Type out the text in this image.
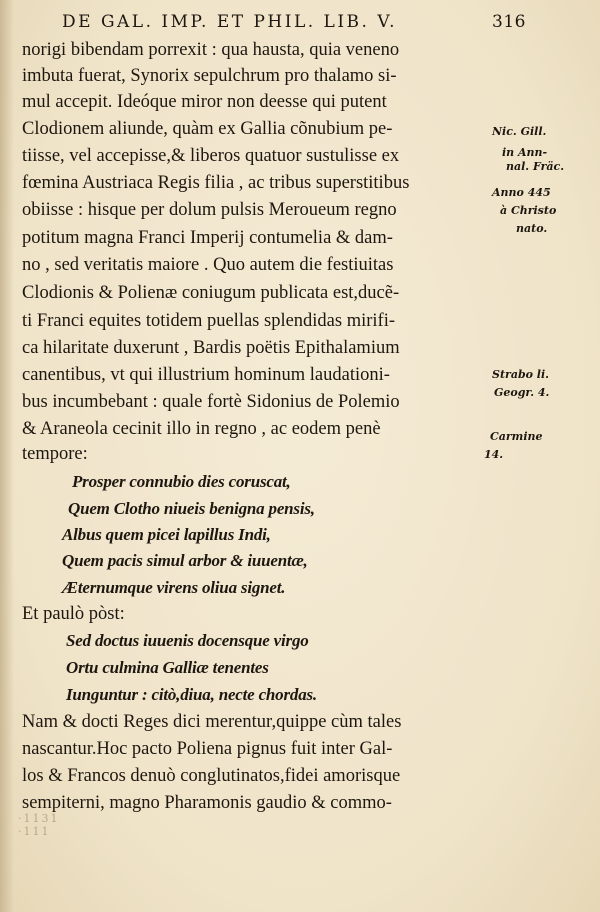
DE GAL. IMP. ET PHIL. LIB. V.	316
norigi bibendam porrexit : qua hausta, quia veneno
imbuta fuerat, Synorix sepulchrum pro thalamo si-
mul accepit. Ideóque miror non deesse qui putent
Clodionem aliunde, quàm ex Gallia cõnubium pe-
tiisse, vel accepisse,& liberos quatuor sustulisse ex
fœmina Austriaca Regis filia , ac tribus superstitibus
obiisse : hisque per dolum pulsis Meroueum regno
potitum magna Franci Imperij contumelia & dam-
no , sed veritatis maiore . Quo autem die festiuitas
Clodionis & Polienæ coniugum publicata est,ducẽ-
ti Franci equites totidem puellas splendidas mirifi-
ca hilaritate duxerunt , Bardis poëtis Epithalamium
canentibus, vt qui illustrium hominum laudationi-
bus incumbebant : quale fortè Sidonius de Polemio
& Araneola cecinit illo in regno , ac eodem penè
tempore:
Prosper connubio dies coruscat,
Quem Clotho niueis benigna pensis,
Albus quem picei lapillus Indi,
Quem pacis simul arbor & iuuentæ,
Æternumque virens oliua signet.
Et paulò pòst:
Sed doctus iuuenis docensque virgo
Ortu culmina Galliæ tenentes
Iunguntur : citò,diua, necte chordas.
Nam & docti Reges dici merentur,quippe cùm tales
nascantur.Hoc pacto Poliena pignus fuit inter Gal-
los & Francos denuò conglutinatos,fidei amorisque
sempiterni, magno Pharamonis gaudio & commo-
Nic. Gill.
in Ann-
nal. Fräc.
Anno 445
à Christo
nato.
Strabo li.
Geogr. 4.
Carmine
14.
·1131 ·111
